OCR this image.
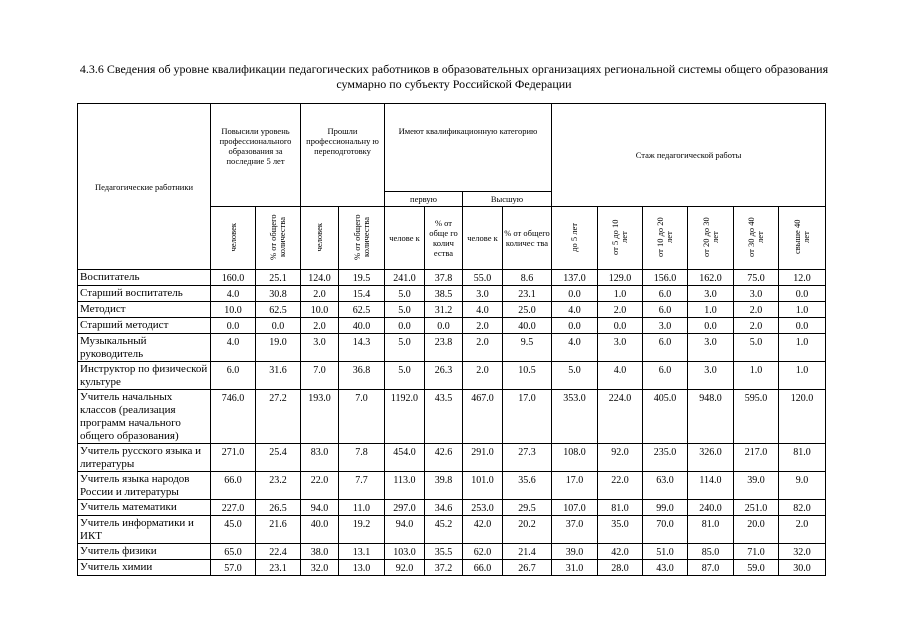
4.3.6 Сведения об уровне квалификации педагогических работников в образовательных организациях региональной системы общего образования
суммарно по субъекту Российской Федерации
Педагогические работники	Повысили уровень профессионального образования за последние 5 лет		Прошли профессиональну ю переподготовку		Имеют квалификационную категорию				Стаж педагогической работы					
					первую		Высшую							
	человек	% от общего количества	человек	% от общего количества	челове к	% от обще го колич ества	челове к	% от общего количес тва	до 5 лет	от 5 до 10 лет	от 10 до 20 лет	от 20 до 30 лет	от 30 до 40 лет	свыше 40 лет
Воспитатель	160.0	25.1	124.0	19.5	241.0	37.8	55.0	8.6	137.0	129.0	156.0	162.0	75.0	12.0
Старший воспитатель	4.0	30.8	2.0	15.4	5.0	38.5	3.0	23.1	0.0	1.0	6.0	3.0	3.0	0.0
Методист	10.0	62.5	10.0	62.5	5.0	31.2	4.0	25.0	4.0	2.0	6.0	1.0	2.0	1.0
Старший методист	0.0	0.0	2.0	40.0	0.0	0.0	2.0	40.0	0.0	0.0	3.0	0.0	2.0	0.0
Музыкальный руководитель	4.0	19.0	3.0	14.3	5.0	23.8	2.0	9.5	4.0	3.0	6.0	3.0	5.0	1.0
Инструктор по физической культуре	6.0	31.6	7.0	36.8	5.0	26.3	2.0	10.5	5.0	4.0	6.0	3.0	1.0	1.0
Учитель начальных классов (реализация программ начального общего образования)	746.0	27.2	193.0	7.0	1192.0	43.5	467.0	17.0	353.0	224.0	405.0	948.0	595.0	120.0
Учитель русского языка и литературы	271.0	25.4	83.0	7.8	454.0	42.6	291.0	27.3	108.0	92.0	235.0	326.0	217.0	81.0
Учитель языка народов России и литературы	66.0	23.2	22.0	7.7	113.0	39.8	101.0	35.6	17.0	22.0	63.0	114.0	39.0	9.0
Учитель математики	227.0	26.5	94.0	11.0	297.0	34.6	253.0	29.5	107.0	81.0	99.0	240.0	251.0	82.0
Учитель информатики и ИКТ	45.0	21.6	40.0	19.2	94.0	45.2	42.0	20.2	37.0	35.0	70.0	81.0	20.0	2.0
Учитель физики	65.0	22.4	38.0	13.1	103.0	35.5	62.0	21.4	39.0	42.0	51.0	85.0	71.0	32.0
Учитель химии	57.0	23.1	32.0	13.0	92.0	37.2	66.0	26.7	31.0	28.0	43.0	87.0	59.0	30.0
